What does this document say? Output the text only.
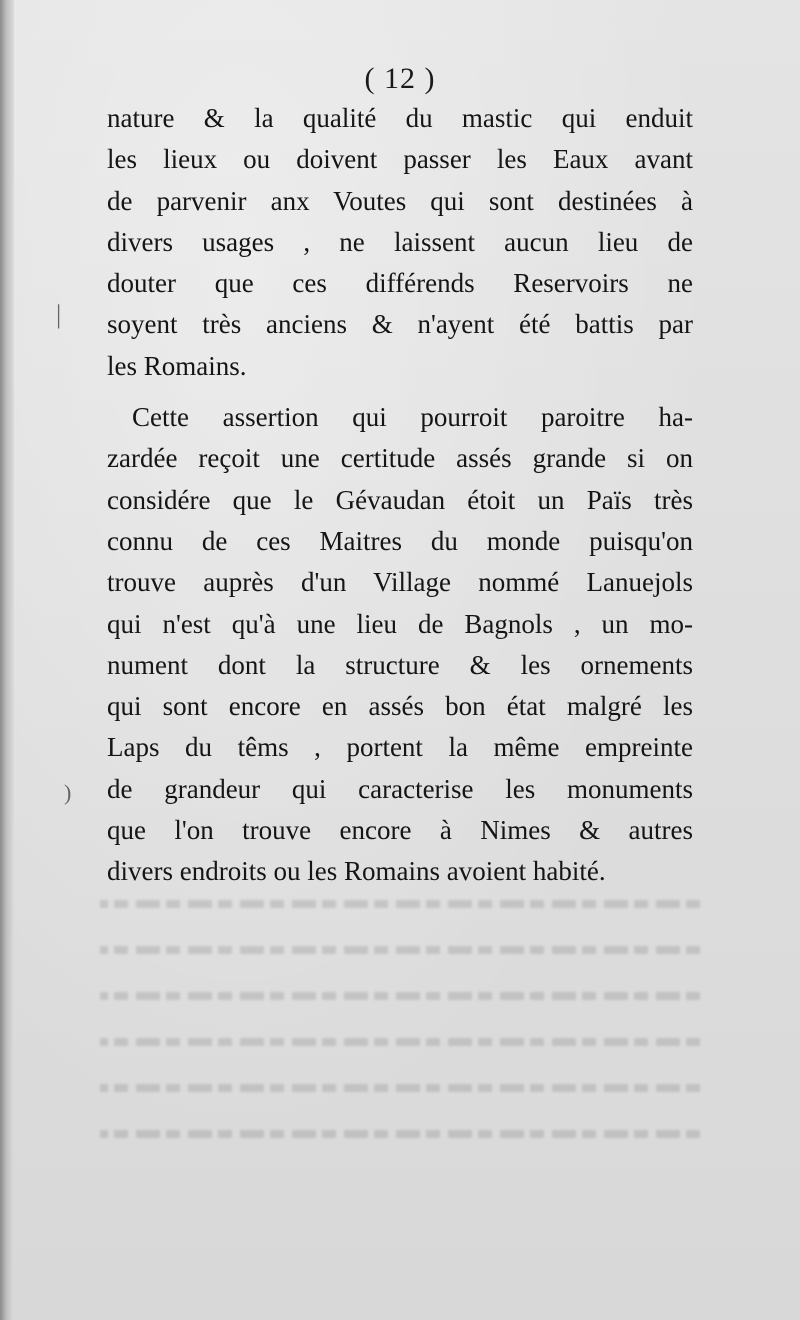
|
)
( 12 )

nature & la qualité du mastic qui enduit
les lieux ou doivent passer les Eaux avant
de parvenir anx Voutes qui sont destinées à
divers usages , ne laissent aucun lieu de
douter que ces différends Reservoirs ne
soyent très anciens & n'ayent été battis par
les Romains.

Cette assertion qui pourroit paroitre ha-
zardée reçoit une certitude assés grande si on
considére que le Gévaudan étoit un Païs très
connu de ces Maitres du monde puisqu'on
trouve auprès d'un Village nommé Lanuejols
qui n'est qu'à une lieu de Bagnols , un mo-
nument dont la structure & les ornements
qui sont encore en assés bon état malgré les
Laps du têms , portent la même empreinte
de grandeur qui caracterise les monuments
que l'on trouve encore à Nimes & autres
divers endroits ou les Romains avoient habité.
